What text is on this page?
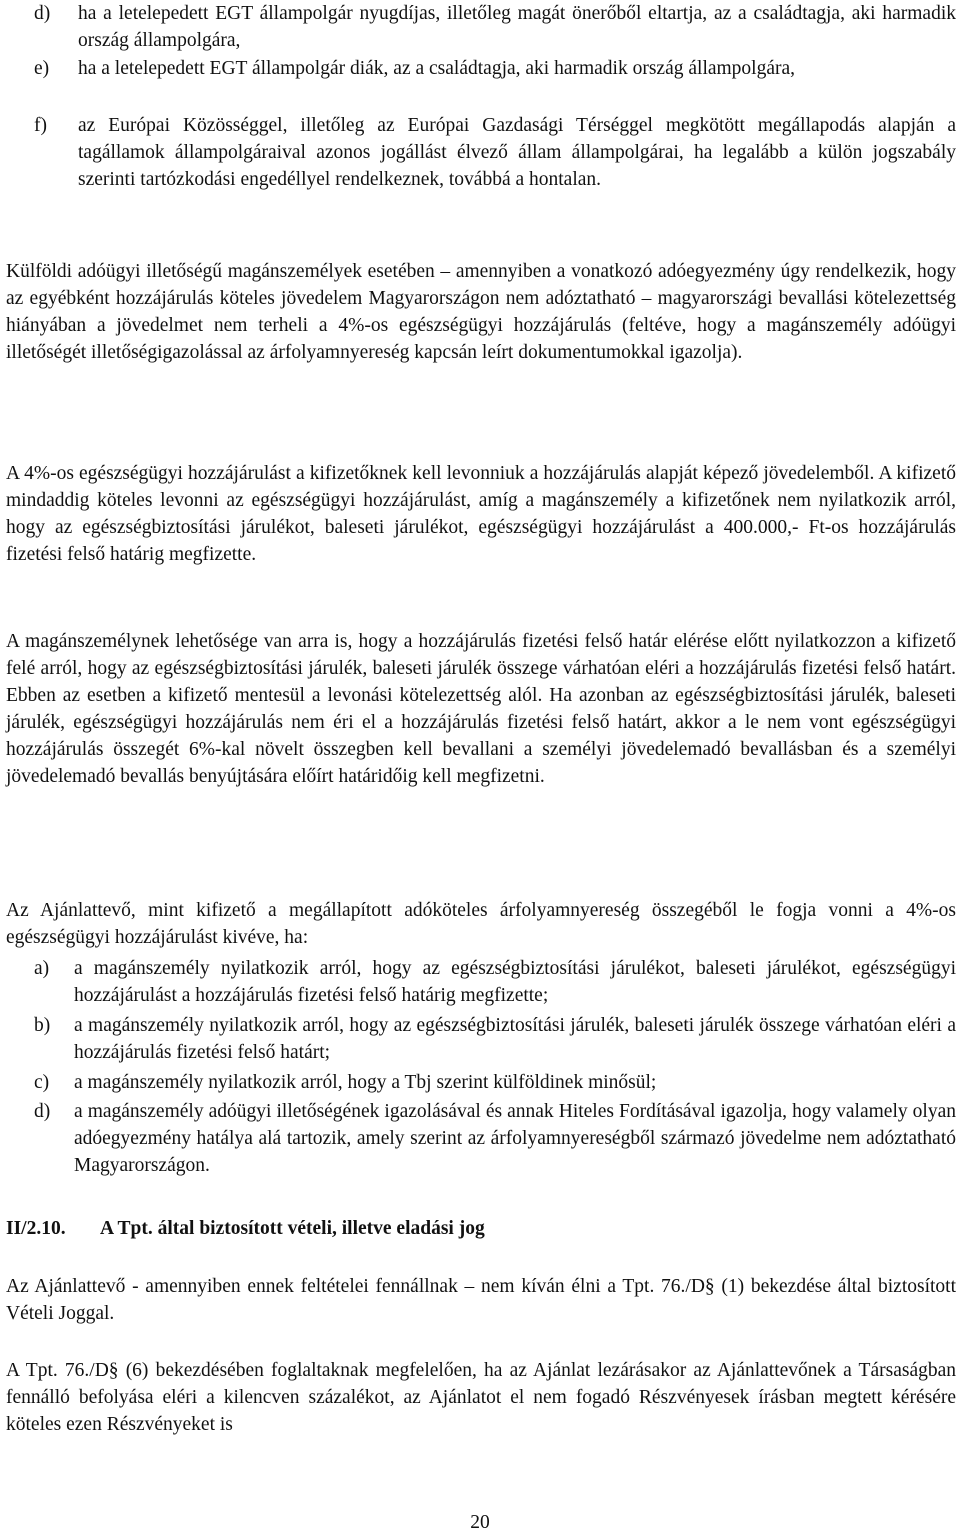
d) ha a letelepedett EGT állampolgár nyugdíjas, illetőleg magát önerőből eltartja, az a családtagja, aki harmadik ország állampolgára,
e) ha a letelepedett EGT állampolgár diák, az a családtagja, aki harmadik ország állampolgára,
f) az Európai Közösséggel, illetőleg az Európai Gazdasági Térséggel megkötött megállapodás alapján a tagállamok állampolgáraival azonos jogállást élvező állam állampolgárai, ha legalább a külön jogszabály szerinti tartózkodási engedéllyel rendelkeznek, továbbá a hontalan.

Külföldi adóügyi illetőségű magánszemélyek esetében – amennyiben a vonatkozó adóegyezmény úgy rendelkezik, hogy az egyébként hozzájárulás köteles jövedelem Magyarországon nem adóztatható – magyarországi bevallási kötelezettség hiányában a jövedelmet nem terheli a 4%-os egészségügyi hozzájárulás (feltéve, hogy a magánszemély adóügyi illetőségét illetőségigazolással az árfolyamnyereség kapcsán leírt dokumentumokkal igazolja).

A 4%-os egészségügyi hozzájárulást a kifizetőknek kell levonniuk a hozzájárulás alapját képező jövedelemből. A kifizető mindaddig köteles levonni az egészségügyi hozzájárulást, amíg a magánszemély a kifizetőnek nem nyilatkozik arról, hogy az egészségbiztosítási járulékot, baleseti járulékot, egészségügyi hozzájárulást a 400.000,- Ft-os hozzájárulás fizetési felső határig megfizette.

A magánszemélynek lehetősége van arra is, hogy a hozzájárulás fizetési felső határ elérése előtt nyilatkozzon a kifizető felé arról, hogy az egészségbiztosítási járulék, baleseti járulék összege várhatóan eléri a hozzájárulás fizetési felső határt. Ebben az esetben a kifizető mentesül a levonási kötelezettség alól. Ha azonban az egészségbiztosítási járulék, baleseti járulék, egészségügyi hozzájárulás nem éri el a hozzájárulás fizetési felső határt, akkor a le nem vont egészségügyi hozzájárulás összegét 6%-kal növelt összegben kell bevallani a személyi jövedelemadó bevallásban és a személyi jövedelemadó bevallás benyújtására előírt határidőig kell megfizetni.

Az Ajánlattevő, mint kifizető a megállapított adóköteles árfolyamnyereség összegéből le fogja vonni a 4%-os egészségügyi hozzájárulást kivéve, ha:

a) a magánszemély nyilatkozik arról, hogy az egészségbiztosítási járulékot, baleseti járulékot, egészségügyi hozzájárulást a hozzájárulás fizetési felső határig megfizette;
b) a magánszemély nyilatkozik arról, hogy az egészségbiztosítási járulék, baleseti járulék összege várhatóan eléri a hozzájárulás fizetési felső határt;
c) a magánszemély nyilatkozik arról, hogy a Tbj szerint külföldinek minősül;
d) a magánszemély adóügyi illetőségének igazolásával és annak Hiteles Fordításával igazolja, hogy valamely olyan adóegyezmény hatálya alá tartozik, amely szerint az árfolyamnyereségből származó jövedelme nem adóztatható Magyarországon.
II/2.10. A Tpt. által biztosított vételi, illetve eladási jog

Az Ajánlattevő - amennyiben ennek feltételei fennállnak – nem kíván élni a Tpt. 76./D§ (1) bekezdése által biztosított Vételi Joggal.

A Tpt. 76./D§ (6) bekezdésében foglaltaknak megfelelően, ha az Ajánlat lezárásakor az Ajánlattevőnek a Társaságban fennálló befolyása eléri a kilencven százalékot, az Ajánlatot el nem fogadó Részvényesek írásban megtett kérésére köteles ezen Részvényeket is

20
